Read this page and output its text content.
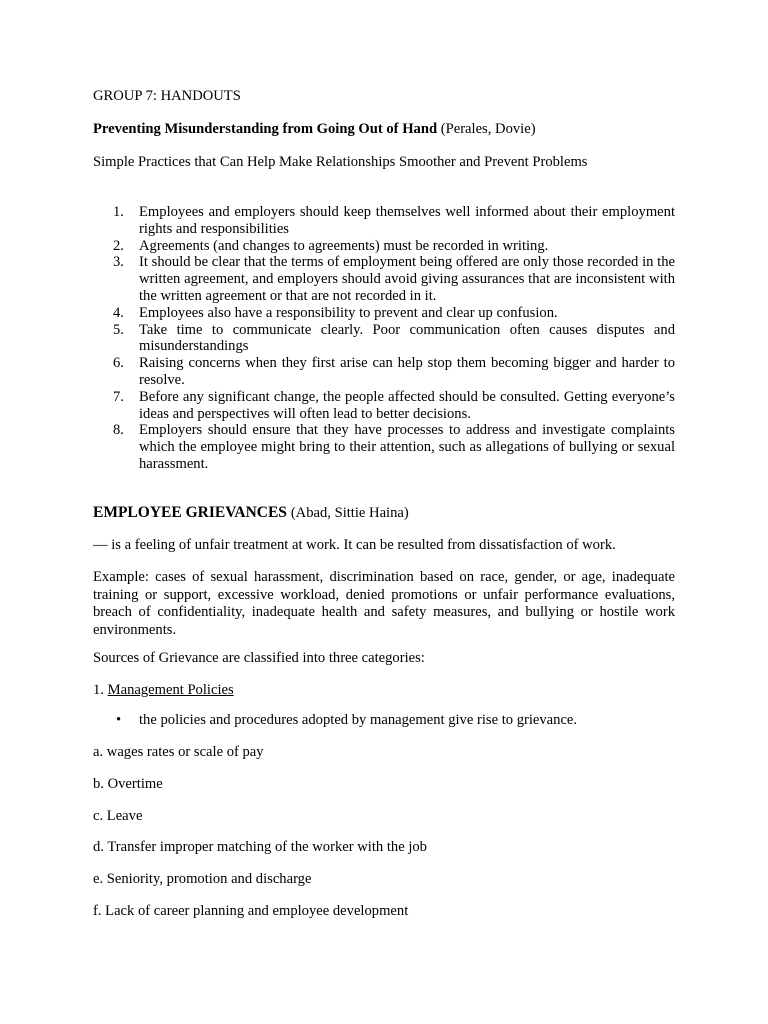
GROUP 7: HANDOUTS
Preventing Misunderstanding from Going Out of Hand (Perales, Dovie)
Simple Practices that Can Help Make Relationships Smoother and Prevent Problems
1. Employees and employers should keep themselves well informed about their employment rights and responsibilities
2. Agreements (and changes to agreements) must be recorded in writing.
3. It should be clear that the terms of employment being offered are only those recorded in the written agreement, and employers should avoid giving assurances that are inconsistent with the written agreement or that are not recorded in it.
4. Employees also have a responsibility to prevent and clear up confusion.
5. Take time to communicate clearly. Poor communication often causes disputes and misunderstandings
6. Raising concerns when they first arise can help stop them becoming bigger and harder to resolve.
7. Before any significant change, the people affected should be consulted. Getting everyone’s ideas and perspectives will often lead to better decisions.
8. Employers should ensure that they have processes to address and investigate complaints which the employee might bring to their attention, such as allegations of bullying or sexual harassment.
EMPLOYEE GRIEVANCES (Abad, Sittie Haina)
— is a feeling of unfair treatment at work. It can be resulted from dissatisfaction of work.
Example: cases of sexual harassment, discrimination based on race, gender, or age, inadequate training or support, excessive workload, denied promotions or unfair performance evaluations, breach of confidentiality, inadequate health and safety measures, and bullying or hostile work environments.
Sources of Grievance are classified into three categories:
1. Management Policies
• the policies and procedures adopted by management give rise to grievance.
a. wages rates or scale of pay
b. Overtime
c. Leave
d. Transfer improper matching of the worker with the job
e. Seniority, promotion and discharge
f. Lack of career planning and employee development
